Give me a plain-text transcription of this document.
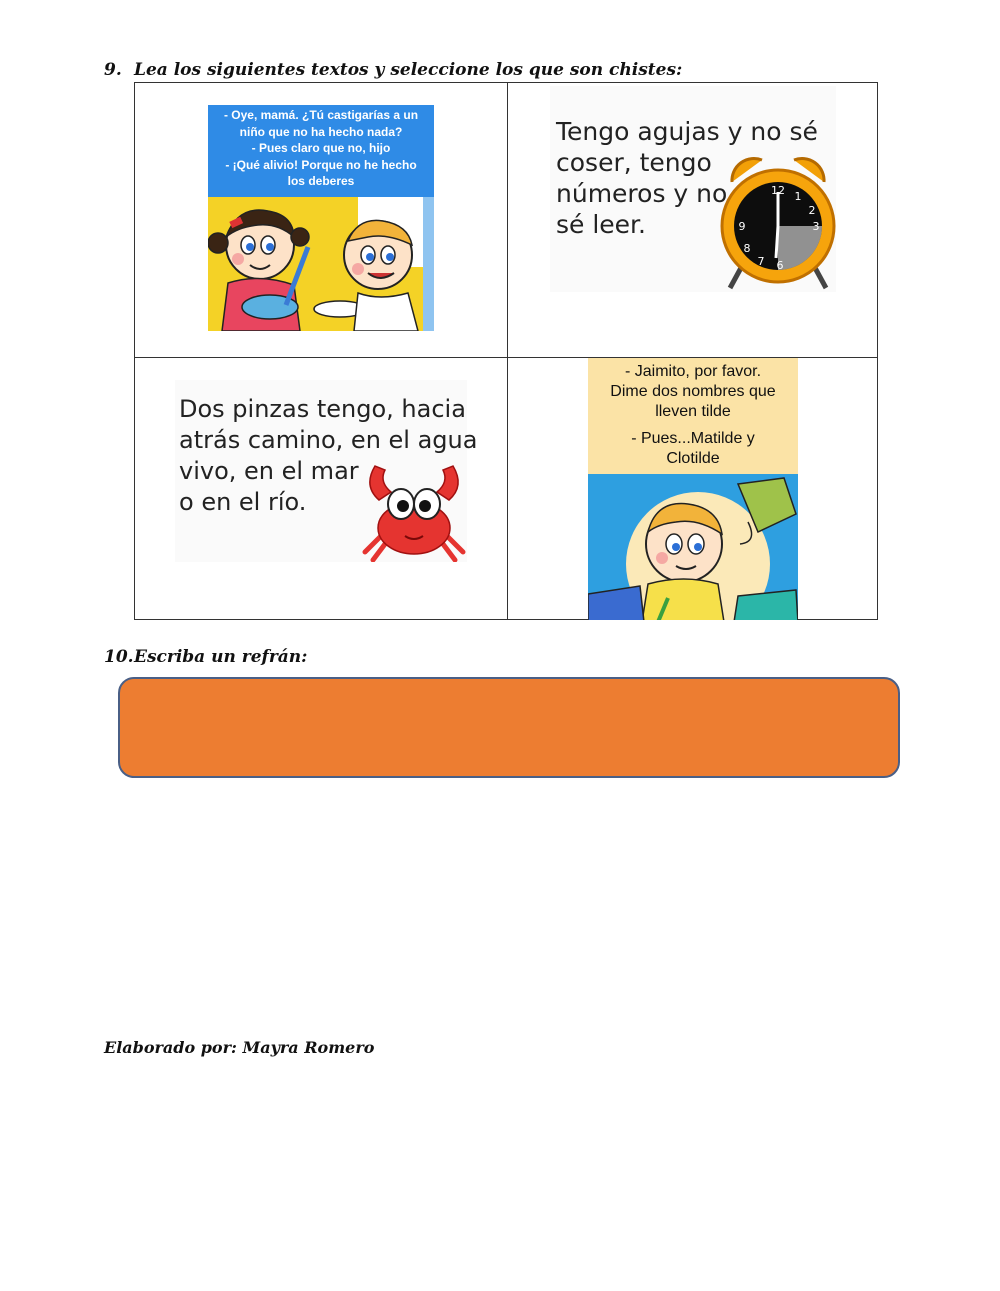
9. Lea los siguientes textos y seleccione los que son chistes:
- Oye, mamá. ¿Tú castigarías a un
niño que no ha hecho nada?
- Pues claro que no, hijo
- ¡Qué alivio! Porque no he hecho
los deberes
Tengo agujas y no sé
coser, tengo
números y no
sé leer.
12 1
2
3
9
8
7 6
Dos pinzas tengo, hacia
atrás camino, en el agua
vivo, en el mar
o en el río.
- Jaimito, por favor.
Dime dos nombres que
lleven tilde
- Pues...Matilde y
Clotilde
10.Escriba un refrán:
Elaborado por: Mayra Romero
